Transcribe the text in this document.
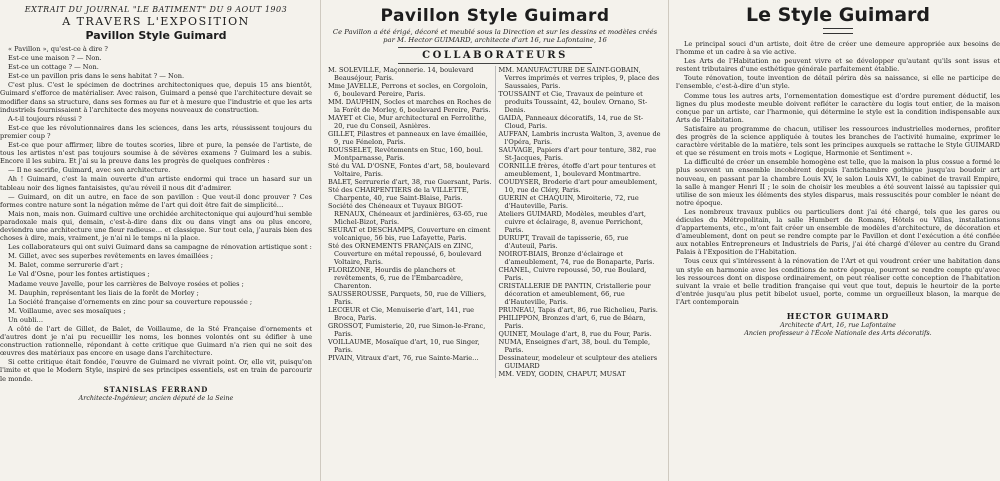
EXTRAIT DU JOURNAL "LE BATIMENT" DU 9 AOUT 1903
A TRAVERS L'EXPOSITION
Pavillon Style Guimard

« Pavillon », qu'est-ce à dire ?

Est-ce une maison ? — Non.

Est-ce un cottage ? — Non.

Est-ce un pavillon pris dans le sens habitat ? — Non.

C'est plus. C'est le spécimen de doctrines architectoniques que, depuis 15 ans bientôt, Guimard s'efforce de matérialiser. Avec raison, Guimard a pensé que l'architecture devait se modifier dans sa structure, dans ses formes au fur et à mesure que l'industrie et que les arts industriels fournissaient à l'architecte des moyens nouveaux de construction.

A-t-il toujours réussi ?

Est-ce que les révolutionnaires dans les sciences, dans les arts, réussissent toujours du premier coup ?

Est-ce que pour affirmer, libre de toutes scories, libre et pure, la pensée de l'artiste, de tous les artistes n'est pas toujours soumise à de sévères examens ? Guimard les a subis. Encore il les subira. Et j'ai su la preuve dans les progrès de quelques confrères :

— Il ne sacrifie, Guimard, avec son architecture.

Ah ! Guimard, c'est la main ouverte d'un artiste endormi qui trace un hasard sur un tableau noir des lignes fantaisistes, qu'au réveil il nous dit d'admirer.

— Guimard, on dit un autre, en face de son pavillon : Que veut-il donc prouver ? Ces formes contre nature sont la négation même de l'art qui doit être fait de simplicité…

Mais non, mais non. Guimard cultive une orchidée architectonique qui aujourd'hui semble paradoxale mais qui, demain, c'est-à-dire dans dix ou dans vingt ans ou plus encore, deviendra une architecture une fleur radieuse… et classique. Sur tout cela, j'aurais bien des choses à dire, mais, vraiment, je n'ai ni le temps ni la place.

Les collaborateurs qui ont suivi Guimard dans sa campagne de rénovation artistique sont :

M. Gillet, avec ses superbes revêtements en laves émaillées ;

M. Balet, comme serrurerie d'art ;

Le Val d'Osne, pour les fontes artistiques ;

Madame veuve Javelle, pour les carrières de Belvoye rosées et polies ;

M. Dauphin, représentant les liais de la forêt de Morley ;

La Société française d'ornements en zinc pour sa couverture repoussée ;

M. Voillaume, avec ses mosaïques ;

Un oubli…

A côté de l'art de Gillet, de Balet, de Voillaume, de la Sté Française d'ornements et d'autres dont je n'ai pu recueillir les noms, les bonnes volontés ont su édifier à une construction rationnelle, répondant à cette critique que Guimard n'a rien qui ne soit des œuvres des matériaux pas encore en usage dans l'architecture.

Si cette critique était fondée, l'œuvre de Guimard ne vivrait point. Or, elle vit, puisqu'on l'imite et que le Modern Style, inspiré de ses principes essentiels, est en train de parcourir le monde.

STANISLAS FERRAND
Architecte-Ingénieur, ancien député de la Seine
Pavillon Style Guimard
Ce Pavillon a été érigé, décoré et meublé sous la Direction et sur les dessins et modèles créés par M. Hector GUIMARD, architecte d'art 16, rue Lafontaine, 16
COLLABORATEURS

M. SOLEVILLE, Maçonnerie. 14, boulevard Beauséjour, Paris.

Mme JAVELLE, Perrons et socles, en Corgoloin, 6, boulevard Pereire, Paris.

MM. DAUPHIN, Socles et marches en Roches de la Forêt de Morley, 6, boulevard Pereire, Paris.

MAYET et Cie, Mur architectural en Ferrolithe, 20, rue du Conseil, Asnières.

GILLET, Pilastres et panneaux en lave émaillée, 9, rue Fénelon, Paris.

ROUSSELET, Revêtements en Stuc, 160, boul. Montparnasse, Paris.

Sté du VAL D'OSNE, Fontes d'art, 58, boulevard Voltaire, Paris.

BALET, Serrurerie d'art, 38, rue Guersant, Paris.

Sté des CHARPENTIERS de la VILLETTE, Charpente, 40, rue Saint-Blaise, Paris.

Société des Chéneaux et Tuyaux BIGOT-RENAUX, Chéneaux et jardinières, 63-65, rue Michel-Bizot, Paris.

SEURAT et DESCHAMPS, Couverture en ciment volcanique, 56 bis, rue Lafayette, Paris.

Sté des ORNEMENTS FRANÇAIS en ZINC, Couverture en métal repoussé, 6, boulevard Voltaire, Paris.

FLORIZONE, Hourdis de planchers et revêtements, 6, rue de l'Embarcadère, Charenton.

SAUSSEROUSSE, Parquets, 50, rue de Villiers, Paris.

LECŒUR et Cie, Menuiserie d'art, 141, rue Broca, Paris.

GROSSOT, Fumisterie, 20, rue Simon-le-Franc, Paris.

VOILLAUME, Mosaïque d'art, 10, rue Singer, Paris.

PIVAIN, Vitraux d'art, 76, rue Sainte-Marie…

MM. MANUFACTURE DE SAINT-GOBAIN, Verres imprimés et verres triples, 9, place des Saussaies, Paris.

TOUSSAINT et Cie, Travaux de peinture et produits Toussaint, 42, boulev. Ornano, St-Denis.

GAIDA, Panneaux décoratifs, 14, rue de St-Cloud, Paris.

AUFFAN, Lambris incrusta Walton, 3, avenue de l'Opéra, Paris.

SAUVAGE, Papiers d'art pour tenture, 382, rue St-Jacques, Paris.

CORNILLE frères, étoffe d'art pour tentures et ameublement, 1, boulevard Montmartre.

COUDYSER, Broderie d'art pour ameublement, 10, rue de Cléry, Paris.

GUERIN et CHAQUIN, Miroiterie, 72, rue d'Hauteville, Paris.

Ateliers GUIMARD, Modèles, meubles d'art, cuivre et éclairage, 8, avenue Perrichont, Paris.

DURUPT, Travail de tapisserie, 65, rue d'Auteuil, Paris.

NOIROT-BIAIS, Bronze d'éclairage et d'ameublement, 74, rue de Bonaparte, Paris.

CHANEL, Cuivre repoussé, 50, rue Boulard, Paris.

CRISTALLERIE DE PANTIN, Cristallerie pour décoration et ameublement, 66, rue d'Hauteville, Paris.

PRUNEAU, Tapis d'art, 86, rue Richelieu, Paris.

PHILIPPON, Bronzes d'art, 6, rue de Béarn, Paris.

QUINET, Moulage d'art, 8, rue du Four, Paris.

NUMA, Enseignes d'art, 38, boul. du Temple, Paris.

Dessinateur, modeleur et sculpteur des ateliers GUIMARD

MM. VEDY, GODIN, CHAPUT, MUSAT

Le Style Guimard

Le principal souci d'un artiste, doit être de créer une demeure appropriée aux besoins de l'homme et un cadre à sa vie active.

Les Arts de l'Habitation ne peuvent vivre et se développer qu'autant qu'ils sont issus et restent tributaires d'une esthétique générale parfaitement établie.

Toute rénovation, toute invention de détail périra dès sa naissance, si elle ne participe de l'ensemble, c'est-à-dire d'un style.

Comme tous les autres arts, l'ornementation domestique est d'ordre purement déductif, les lignes du plus modeste meuble doivent refléter le caractère du logis tout entier, de la maison conçue par un artiste, car l'harmonie, qui détermine le style est la condition indispensable aux Arts de l'Habitation.

Satisfaire au programme de chacun, utiliser les ressources industrielles modernes, profiter des progrès de la science appliquée à toutes les branches de l'activité humaine, exprimer le caractère véritable de la matière, tels sont les principes auxquels se rattache le Style GUIMARD et que se résument en trois mots « Logique, Harmonie et Sentiment ».

La difficulté de créer un ensemble homogène est telle, que la maison la plus cossue a formé le plus souvent un ensemble incohérent depuis l'antichambre gothique jusqu'au boudoir art nouveau, en passant par la chambre Louis XV, le salon Louis XVI, le cabinet de travail Empire, la salle à manger Henri II ; le soin de choisir les meubles a été souvent laissé au tapissier qui utilise de son mieux les éléments des styles disparus, mais ressuscités pour combler le néant de notre époque.

Les nombreux travaux publics ou particuliers dont j'ai été chargé, tels que les gares ou édicules du Métropolitain, la salle Humbert de Romans, Hôtels ou Villas, installations d'appartements, etc., m'ont fait créer un ensemble de modèles d'architecture, de décoration et d'ameublement, dont on peut se rendre compte par le Pavillon et dont l'exécution a été confiée aux notables Entrepreneurs et Industriels de Paris, j'ai été chargé d'élever au centre du Grand Palais à l'Exposition de l'Habitation.

Tous ceux qui s'intéressent à la rénovation de l'Art et qui voudront créer une habitation dans un style en harmonie avec les conditions de notre époque, pourront se rendre compte qu'avec les ressources dont on dispose ordinairement, on peut réaliser cette conception de l'habitation suivant la vraie et belle tradition française qui veut que tout, depuis le heurtoir de la porte d'entrée jusqu'au plus petit bibelot usuel, porte, comme un orgueilleux blason, la marque de l'Art contemporain

HECTOR GUIMARD
Architecte d'Art, 16, rue Lafontaine
Ancien professeur à l'École Nationale des Arts décoratifs.
